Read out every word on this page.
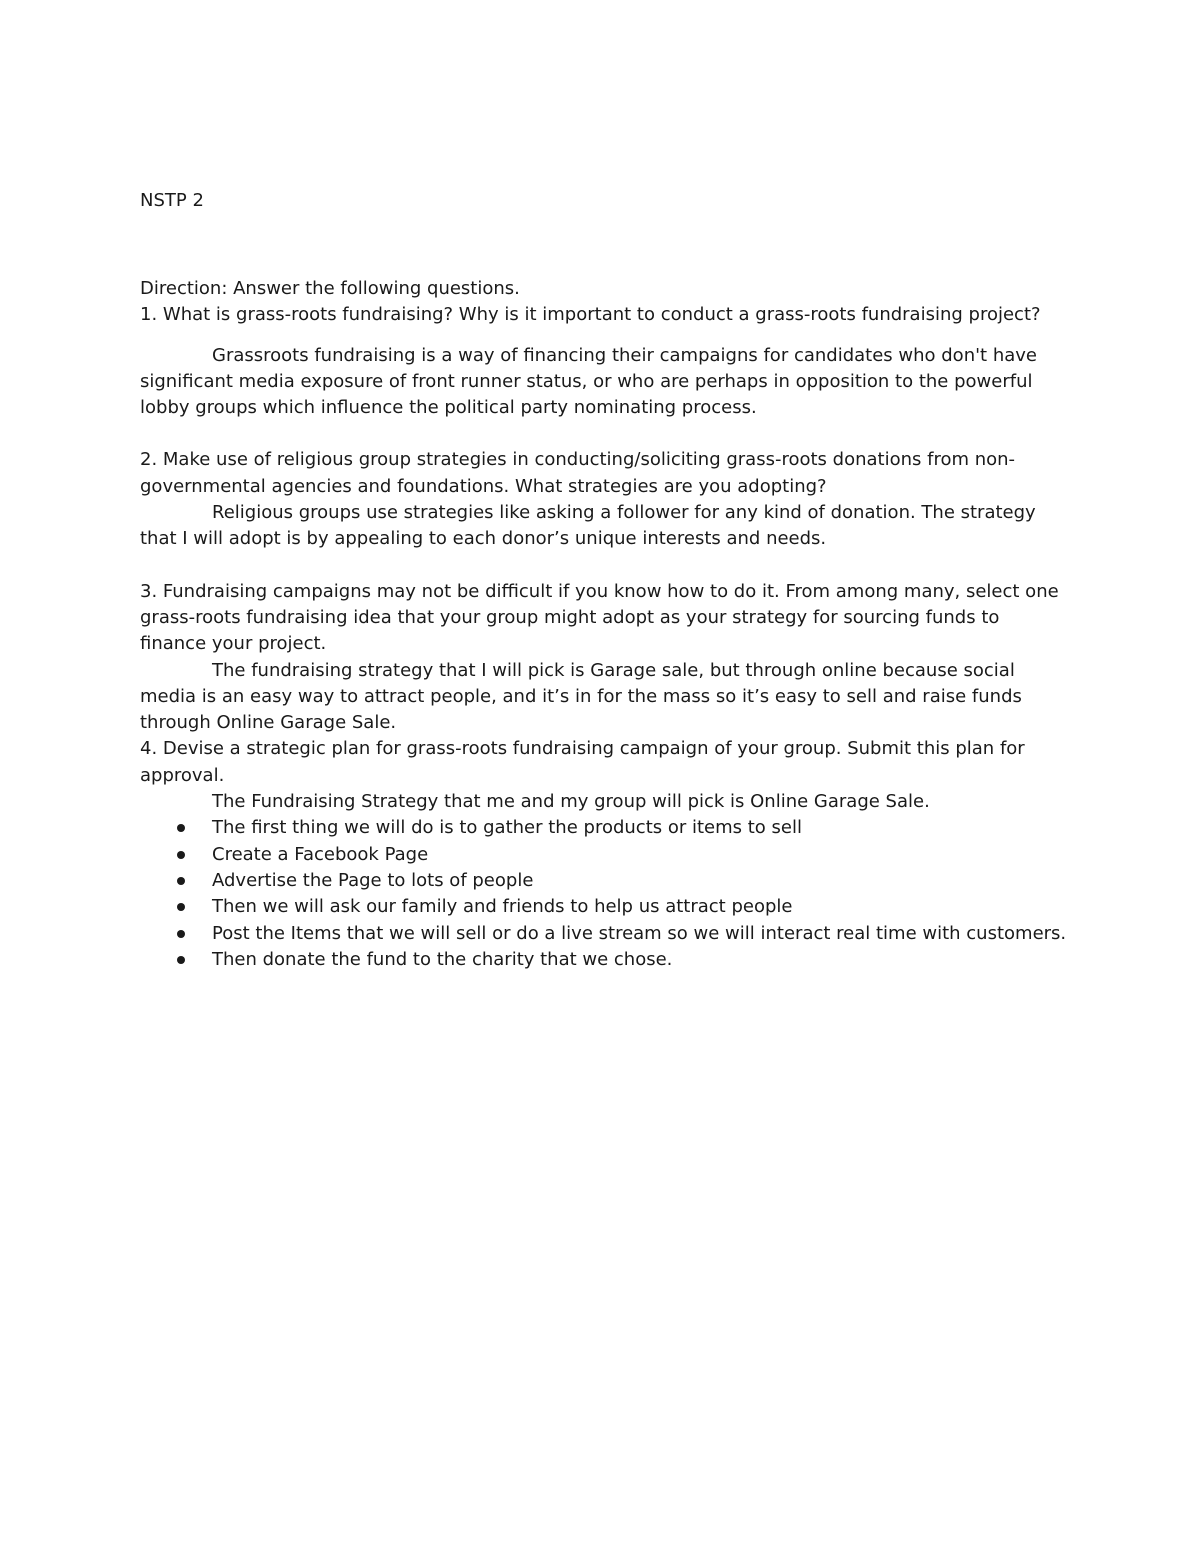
NSTP 2

Direction: Answer the following questions.

1. What is grass-roots fundraising? Why is it important to conduct a grass-roots fundraising project?

Grassroots fundraising is a way of financing their campaigns for candidates who don't have significant media exposure of front runner status, or who are perhaps in opposition to the powerful lobby groups which influence the political party nominating process.

2. Make use of religious group strategies in conducting/soliciting grass-roots donations from non-governmental agencies and foundations. What strategies are you adopting?

Religious groups use strategies like asking a follower for any kind of donation. The strategy that I will adopt is by appealing to each donor’s unique interests and needs.

3. Fundraising campaigns may not be difficult if you know how to do it. From among many, select one grass-roots fundraising idea that your group might adopt as your strategy for sourcing funds to finance your project.

The fundraising strategy that I will pick is Garage sale, but through online because social media is an easy way to attract people, and it’s in for the mass so it’s easy to sell and raise funds through Online Garage Sale.

4. Devise a strategic plan for grass-roots fundraising campaign of your group. Submit this plan for approval.

The Fundraising Strategy that me and my group will pick is Online Garage Sale.

The first thing we will do is to gather the products or items to sell
Create a Facebook Page
Advertise the Page to lots of people
Then we will ask our family and friends to help us attract people
Post the Items that we will sell or do a live stream so we will interact real time with customers.
Then donate the fund to the charity that we chose.
